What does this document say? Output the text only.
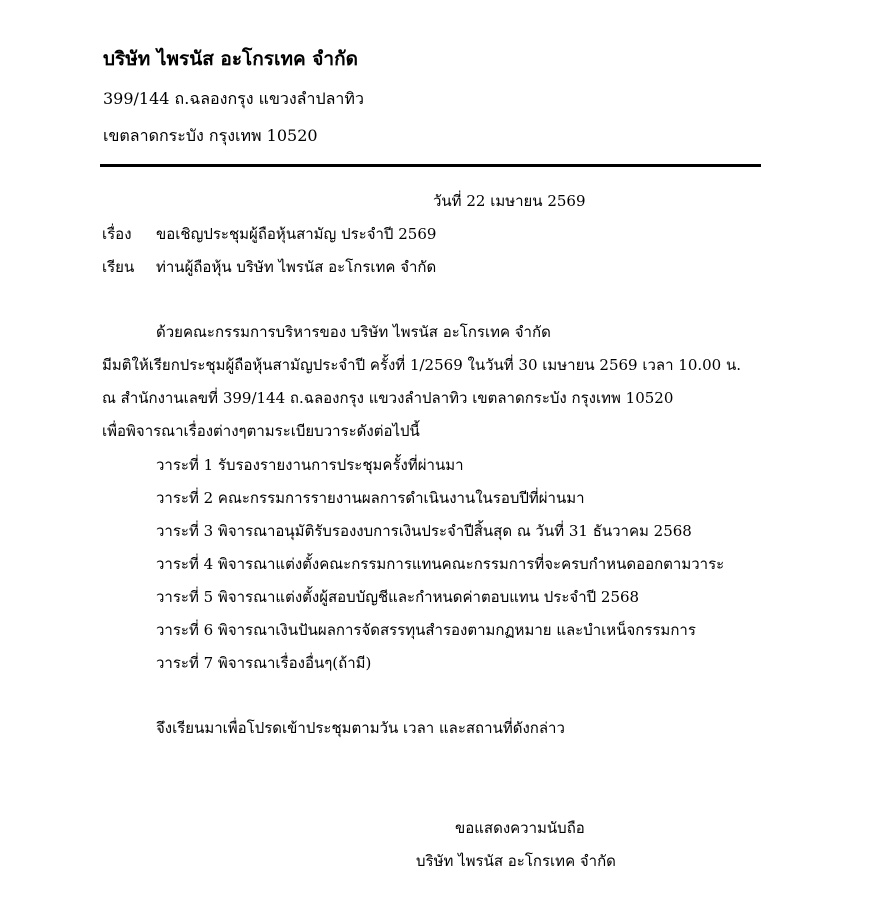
บริษัท ไพรนัส อะโกรเทค จำกัด
399/144 ถ.ฉลองกรุง แขวงลำปลาทิว
เขตลาดกระบัง กรุงเทพ 10520
วันที่ 22 เมษายน 2569
เรื่อง ขอเชิญประชุมผู้ถือหุ้นสามัญ ประจำปี 2569
เรียน ท่านผู้ถือหุ้น บริษัท ไพรนัส อะโกรเทค จำกัด
ด้วยคณะกรรมการบริหารของ บริษัท ไพรนัส อะโกรเทค จำกัด
มีมติให้เรียกประชุมผู้ถือหุ้นสามัญประจำปี ครั้งที่ 1/2569 ในวันที่ 30 เมษายน 2569 เวลา 10.00 น.
ณ สำนักงานเลขที่ 399/144 ถ.ฉลองกรุง แขวงลำปลาทิว เขตลาดกระบัง กรุงเทพ 10520
เพื่อพิจารณาเรื่องต่างๆตามระเบียบวาระดังต่อไปนี้
วาระที่ 1 รับรองรายงานการประชุมครั้งที่ผ่านมา
วาระที่ 2 คณะกรรมการรายงานผลการดำเนินงานในรอบปีที่ผ่านมา
วาระที่ 3 พิจารณาอนุมัติรับรองงบการเงินประจำปีสิ้นสุด ณ วันที่ 31 ธันวาคม 2568
วาระที่ 4 พิจารณาแต่งตั้งคณะกรรมการแทนคณะกรรมการที่จะครบกำหนดออกตามวาระ
วาระที่ 5 พิจารณาแต่งตั้งผู้สอบบัญชีและกำหนดค่าตอบแทน ประจำปี 2568
วาระที่ 6 พิจารณาเงินปันผลการจัดสรรทุนสำรองตามกฏหมาย และบำเหน็จกรรมการ
วาระที่ 7 พิจารณาเรื่องอื่นๆ(ถ้ามี)
จึงเรียนมาเพื่อโปรดเข้าประชุมตามวัน เวลา และสถานที่ดังกล่าว
ขอแสดงความนับถือ
บริษัท ไพรนัส อะโกรเทค จำกัด
